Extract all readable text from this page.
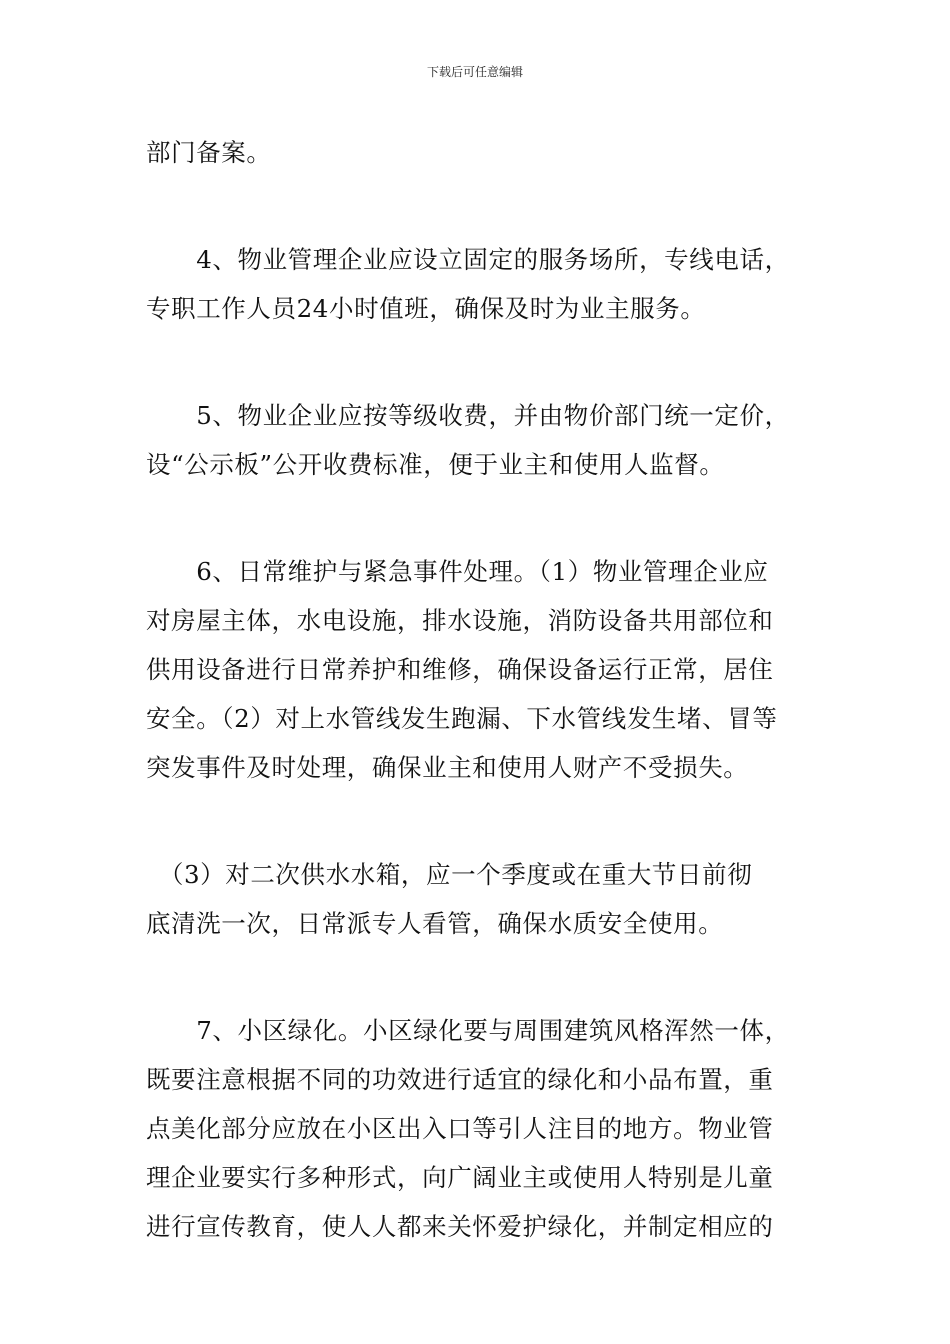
下载后可任意编辑

部门备案。

　　4、物业管理企业应设立固定的服务场所，专线电话，
专职工作人员24小时值班，确保及时为业主服务。

　　5、物业企业应按等级收费，并由物价部门统一定价，
设“公示板”公开收费标准，便于业主和使用人监督。

　　6、日常维护与紧急事件处理。（1）物业管理企业应
对房屋主体，水电设施，排水设施，消防设备共用部位和
供用设备进行日常养护和维修，确保设备运行正常，居住
安全。（2）对上水管线发生跑漏、下水管线发生堵、冒等
突发事件及时处理，确保业主和使用人财产不受损失。

　（3）对二次供水水箱，应一个季度或在重大节日前彻
底清洗一次，日常派专人看管，确保水质安全使用。

　　7、小区绿化。小区绿化要与周围建筑风格浑然一体，
既要注意根据不同的功效进行适宜的绿化和小品布置，重
点美化部分应放在小区出入口等引人注目的地方。物业管
理企业要实行多种形式，向广阔业主或使用人特别是儿童
进行宣传教育，使人人都来关怀爱护绿化，并制定相应的
